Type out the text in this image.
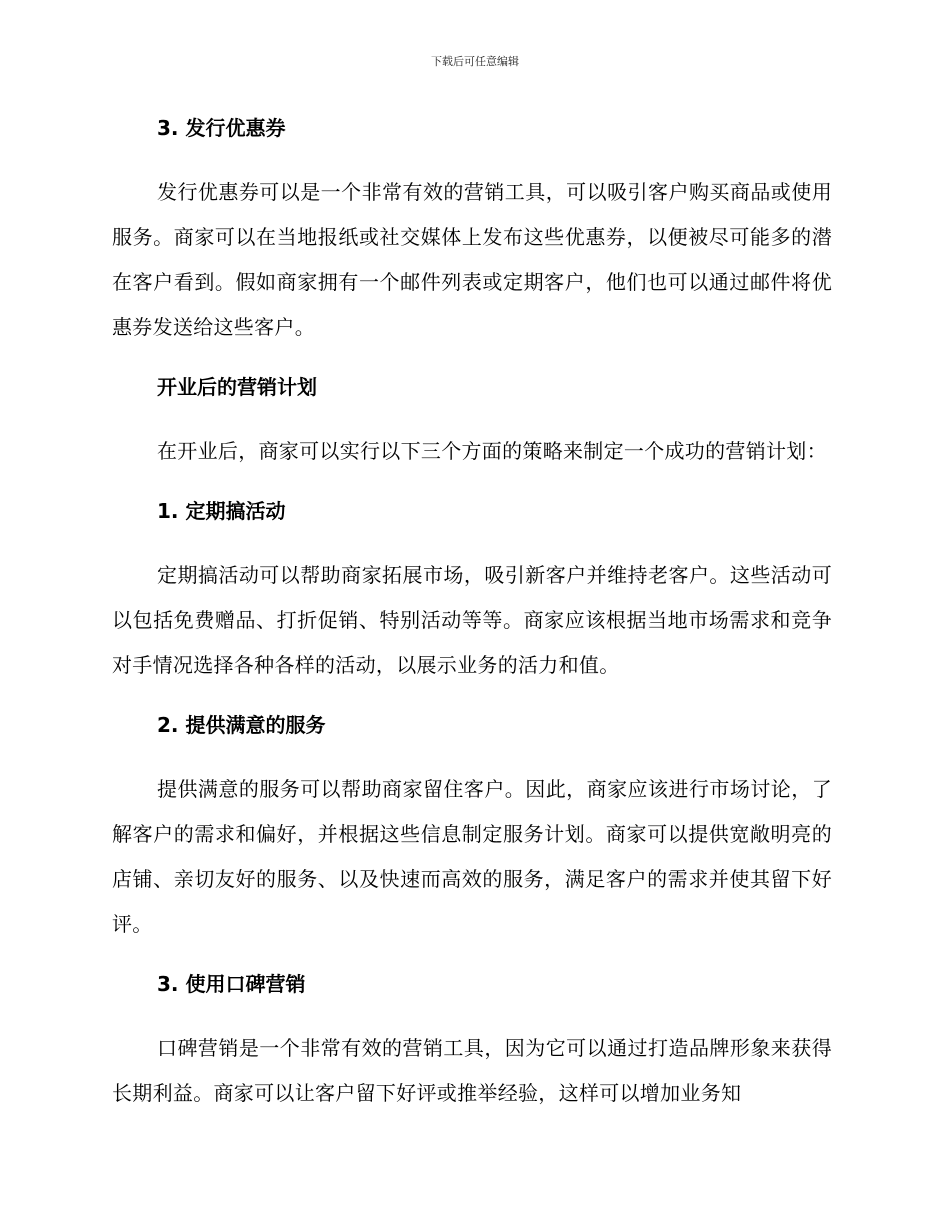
下载后可任意编辑
3. 发行优惠券

发行优惠券可以是一个非常有效的营销工具，可以吸引客户购买商品或使用服务。商家可以在当地报纸或社交媒体上发布这些优惠券，以便被尽可能多的潜在客户看到。假如商家拥有一个邮件列表或定期客户，他们也可以通过邮件将优惠券发送给这些客户。

开业后的营销计划

在开业后，商家可以实行以下三个方面的策略来制定一个成功的营销计划：

1. 定期搞活动

定期搞活动可以帮助商家拓展市场，吸引新客户并维持老客户。这些活动可以包括免费赠品、打折促销、特别活动等等。商家应该根据当地市场需求和竞争对手情况选择各种各样的活动，以展示业务的活力和值。

2. 提供满意的服务

提供满意的服务可以帮助商家留住客户。因此，商家应该进行市场讨论，了解客户的需求和偏好，并根据这些信息制定服务计划。商家可以提供宽敞明亮的店铺、亲切友好的服务、以及快速而高效的服务，满足客户的需求并使其留下好评。

3. 使用口碑营销

口碑营销是一个非常有效的营销工具，因为它可以通过打造品牌形象来获得长期利益。商家可以让客户留下好评或推举经验，这样可以增加业务知
